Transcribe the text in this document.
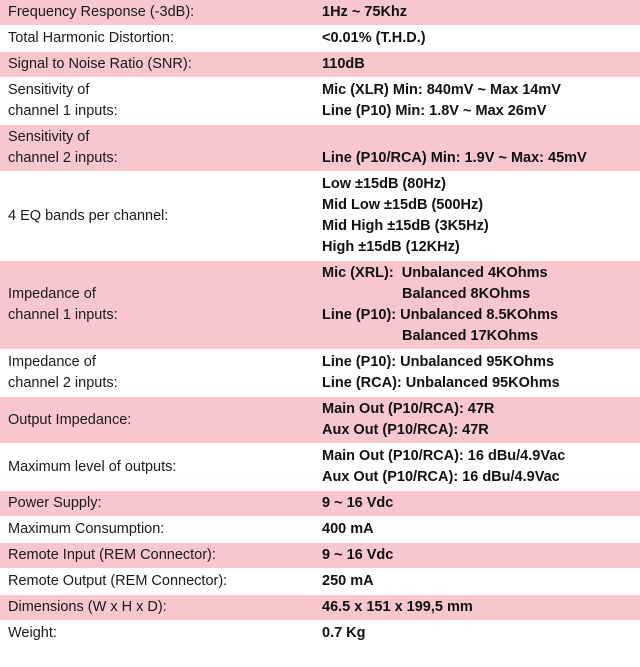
Frequency Response (-3dB):	1Hz ~ 75Khz

Total Harmonic Distortion:	<0.01% (T.H.D.)

Signal to Noise Ratio (SNR):	110dB

Sensitivity of
channel 1 inputs:	Mic (XLR) Min: 840mV ~ Max 14mV
Line (P10) Min: 1.8V ~ Max 26mV

Sensitivity of
channel 2 inputs:	Line (P10/RCA) Min: 1.9V ~ Max: 45mV

4 EQ bands per channel:	Low ±15dB (80Hz)
Mid Low ±15dB (500Hz)
Mid High ±15dB (3K5Hz)
High ±15dB (12KHz)

Impedance of
channel 1 inputs:	Mic (XRL):  Unbalanced 4KOhms
Balanced 8KOhms
Line (P10): Unbalanced 8.5KOhms
Balanced 17KOhms

Impedance of
channel 2 inputs:	Line (P10): Unbalanced 95KOhms
Line (RCA): Unbalanced 95KOhms

Output Impedance:	Main Out (P10/RCA): 47R
Aux Out (P10/RCA): 47R

Maximum level of outputs:	Main Out (P10/RCA): 16 dBu/4.9Vac
Aux Out (P10/RCA): 16 dBu/4.9Vac

Power Supply:	9 ~ 16 Vdc

Maximum Consumption:	400 mA

Remote Input (REM Connector):	9 ~ 16 Vdc

Remote Output (REM Connector):	250 mA

Dimensions (W x H x D):	46.5 x 151 x 199,5 mm

Weight:	0.7 Kg
